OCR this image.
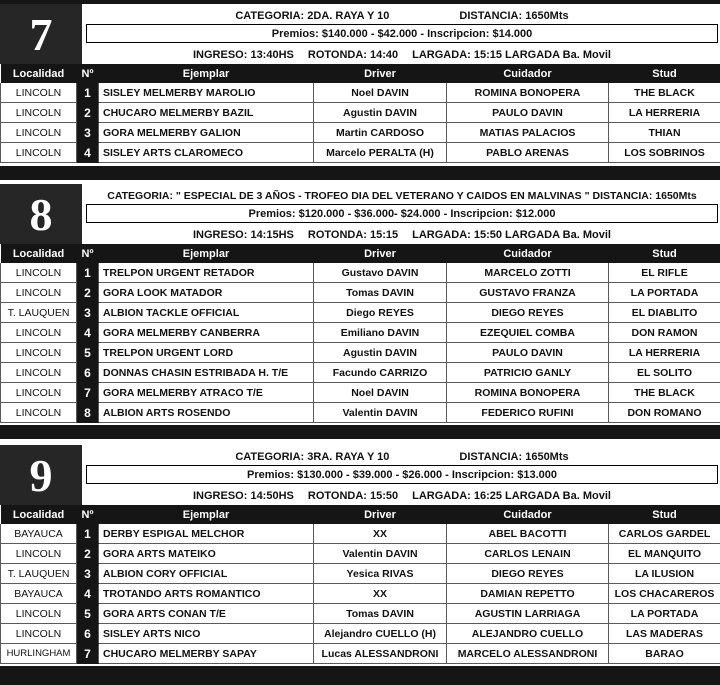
7	CATEGORIA: 2DA. RAYA Y 10	DISTANCIA: 1650Mts
Premios: $140.000 - $42.000 - Inscripcion: $14.000
INGRESO: 13:40HS ROTONDA: 14:40 LARGADA: 15:15 LARGADA Ba. Movil
Localidad	Nº	Ejemplar	Driver	Cuidador	Stud
LINCOLN	1	SISLEY MELMERBY MAROLIO	Noel DAVIN	ROMINA BONOPERA	THE BLACK
LINCOLN	2	CHUCARO MELMERBY BAZIL	Agustin DAVIN	PAULO DAVIN	LA HERRERIA
LINCOLN	3	GORA MELMERBY GALION	Martin CARDOSO	MATIAS PALACIOS	THIAN
LINCOLN	4	SISLEY ARTS CLAROMECO	Marcelo PERALTA (H)	PABLO ARENAS	LOS SOBRINOS
8	CATEGORIA: " ESPECIAL DE 3 AÑOS - TROFEO DIA DEL VETERANO Y CAIDOS EN MALVINAS " DISTANCIA: 1650Mts
Premios: $120.000 - $36.000- $24.000 - Inscripcion: $12.000
INGRESO: 14:15HS ROTONDA: 15:15 LARGADA: 15:50 LARGADA Ba. Movil
Localidad	Nº	Ejemplar	Driver	Cuidador	Stud
LINCOLN	1	TRELPON URGENT RETADOR	Gustavo DAVIN	MARCELO ZOTTI	EL RIFLE
LINCOLN	2	GORA LOOK MATADOR	Tomas DAVIN	GUSTAVO FRANZA	LA PORTADA
T. LAUQUEN	3	ALBION TACKLE OFFICIAL	Diego REYES	DIEGO REYES	EL DIABLITO
LINCOLN	4	GORA MELMERBY CANBERRA	Emiliano DAVIN	EZEQUIEL COMBA	DON RAMON
LINCOLN	5	TRELPON URGENT LORD	Agustin DAVIN	PAULO DAVIN	LA HERRERIA
LINCOLN	6	DONNAS CHASIN ESTRIBADA H. T/E	Facundo CARRIZO	PATRICIO GANLY	EL SOLITO
LINCOLN	7	GORA MELMERBY ATRACO T/E	Noel DAVIN	ROMINA BONOPERA	THE BLACK
LINCOLN	8	ALBION ARTS ROSENDO	Valentin DAVIN	FEDERICO RUFINI	DON ROMANO
9	CATEGORIA: 3RA. RAYA Y 10	DISTANCIA: 1650Mts
Premios: $130.000 - $39.000 - $26.000 - Inscripcion: $13.000
INGRESO: 14:50HS ROTONDA: 15:50 LARGADA: 16:25 LARGADA Ba. Movil
Localidad	Nº	Ejemplar	Driver	Cuidador	Stud
BAYAUCA	1	DERBY ESPIGAL MELCHOR	XX	ABEL BACOTTI	CARLOS GARDEL
LINCOLN	2	GORA ARTS MATEIKO	Valentin DAVIN	CARLOS LENAIN	EL MANQUITO
T. LAUQUEN	3	ALBION CORY OFFICIAL	Yesica RIVAS	DIEGO REYES	LA ILUSION
BAYAUCA	4	TROTANDO ARTS ROMANTICO	XX	DAMIAN REPETTO	LOS CHACAREROS
LINCOLN	5	GORA ARTS CONAN T/E	Tomas DAVIN	AGUSTIN LARRIAGA	LA PORTADA
LINCOLN	6	SISLEY ARTS NICO	Alejandro CUELLO (H)	ALEJANDRO CUELLO	LAS MADERAS
HURLINGHAM	7	CHUCARO MELMERBY SAPAY	Lucas ALESSANDRONI	MARCELO ALESSANDRONI	BARAO
